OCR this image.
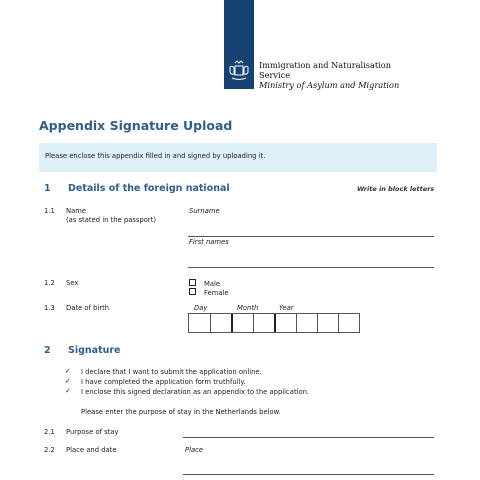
Immigration and Naturalisation
Service
Ministry of Asylum and Migration
Appendix Signature Upload
Please enclose this appendix filled in and signed by uploading it.
1 Details of the foreign national	Write in block letters
1.1 Name
(as stated in the passport)
Surname
First names
1.2 Sex	Male
Female
1.3 Date of birth	Day	Month	Year
2 Signature
✓ I declare that I want to submit the application online.
✓ I have completed the application form truthfully.
✓ I enclose this signed declaration as an appendix to the application.
Please enter the purpose of stay in the Netherlands below.
2.1 Purpose of stay
2.2 Place and date	Place
